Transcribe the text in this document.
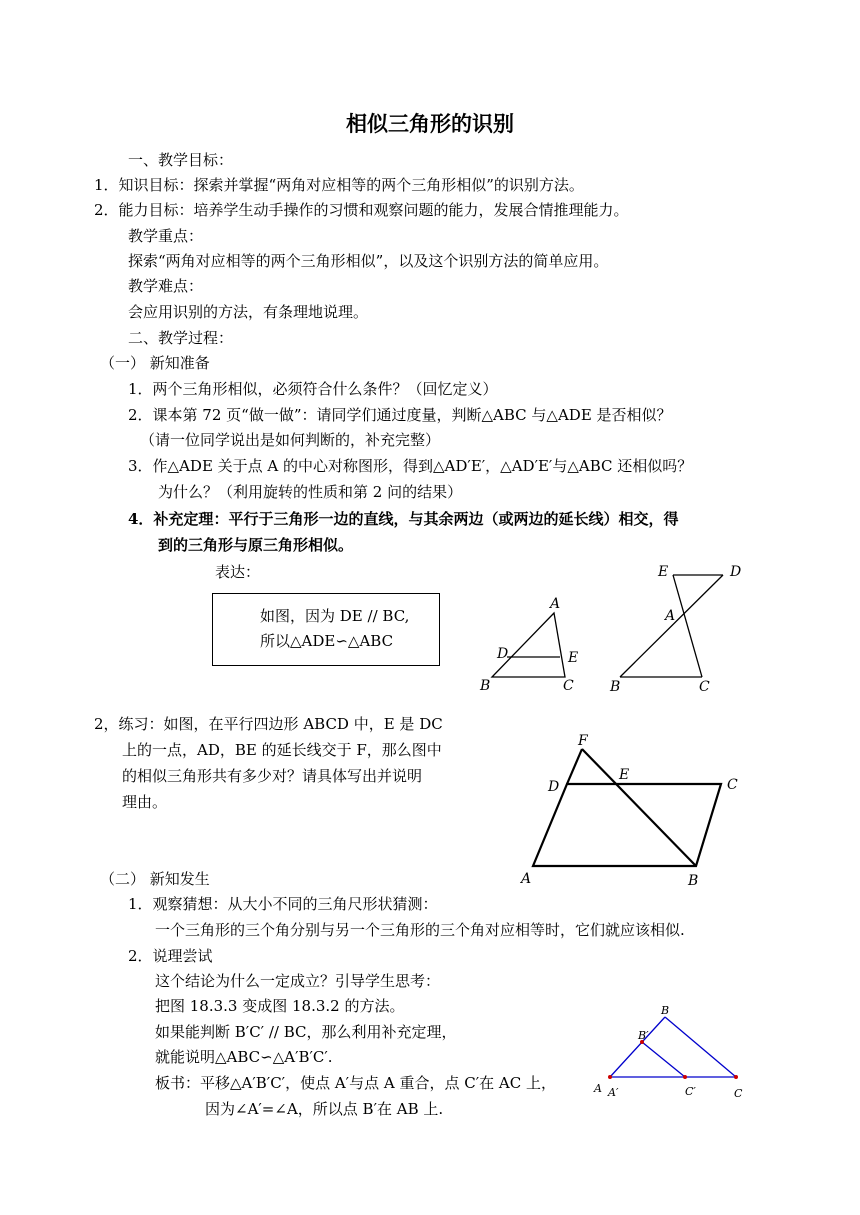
相似三角形的识别
一、教学目标：
1．知识目标：探索并掌握“两角对应相等的两个三角形相似”的识别方法。
2．能力目标：培养学生动手操作的习惯和观察问题的能力，发展合情推理能力。
教学重点：
探索“两角对应相等的两个三角形相似”，以及这个识别方法的简单应用。
教学难点：
会应用识别的方法，有条理地说理。
二、教学过程：
（一） 新知准备
1．两个三角形相似，必须符合什么条件？（回忆定义）
2．课本第 72 页“做一做”：请同学们通过度量，判断△ABC 与△ADE 是否相似？
（请一位同学说出是如何判断的，补充完整）
3．作△ADE 关于点 A 的中心对称图形，得到△AD′E′，△AD′E′与△ABC 还相似吗？
为什么？（利用旋转的性质和第 2 问的结果）
4．补充定理：平行于三角形一边的直线，与其余两边（或两边的延长线）相交，得
到的三角形与原三角形相似。
表达：
如图，因为 DE // BC,
所以△ADE∽△ABC
A
B	C
D	E
E	D
A
B	C
2，练习：如图，在平行四边形 ABCD 中，E 是 DC
上的一点，AD，BE 的延长线交于 F，那么图中
的相似三角形共有多少对？请具体写出并说明
理由。
F
D
E
C
A	B
（二） 新知发生
1．观察猜想：从大小不同的三角尺形状猜测：
一个三角形的三个角分别与另一个三角形的三个角对应相等时，它们就应该相似.
2．说理尝试
这个结论为什么一定成立？引导学生思考：
把图 18.3.3 变成图 18.3.2 的方法。
如果能判断 B′C′ // BC，那么利用补充定理，
就能说明△ABC∽△A′B′C′.
板书：平移△A′B′C′，使点 A′与点 A 重合，点 C′在 AC 上，
因为∠A′=∠A，所以点 B′在 AB 上.
B
B′
A A′	C′	C
